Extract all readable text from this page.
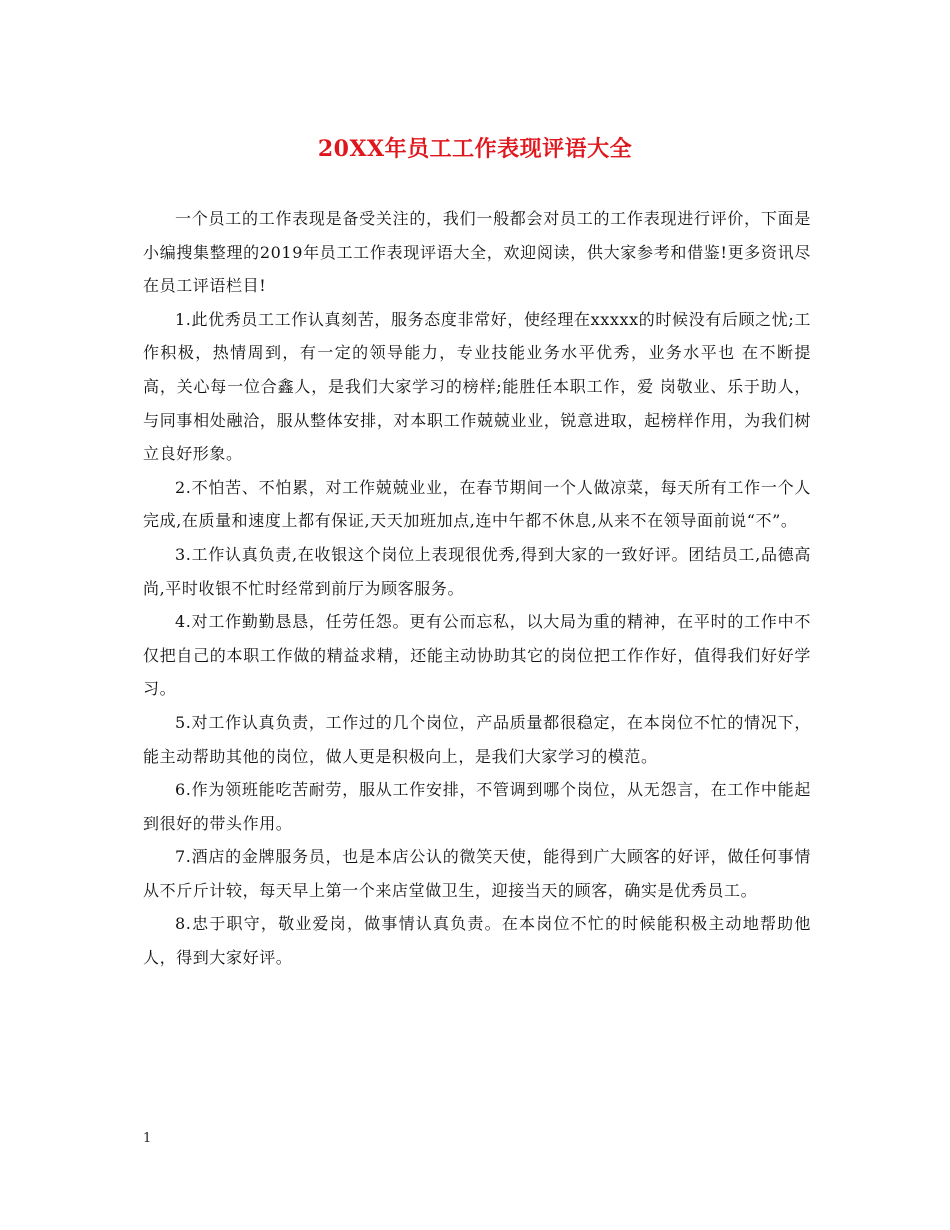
20XX年员工工作表现评语大全

一个员工的工作表现是备受关注的，我们一般都会对员工的工作表现进行评价，下面是小编搜集整理的2019年员工工作表现评语大全，欢迎阅读，供大家参考和借鉴!更多资讯尽在员工评语栏目!

1.此优秀员工工作认真刻苦，服务态度非常好，使经理在xxxxx的时候没有后顾之忧;工作积极，热情周到，有一定的领导能力，专业技能业务水平优秀，业务水平也 在不断提高，关心每一位合鑫人，是我们大家学习的榜样;能胜任本职工作，爱 岗敬业、乐于助人，与同事相处融洽，服从整体安排，对本职工作兢兢业业，锐意进取，起榜样作用，为我们树立良好形象。

2.不怕苦、不怕累，对工作兢兢业业，在春节期间一个人做凉菜，每天所有工作一个人完成,在质量和速度上都有保证,天天加班加点,连中午都不休息,从来不在领导面前说“不”。

3.工作认真负责,在收银这个岗位上表现很优秀,得到大家的一致好评。团结员工,品德高尚,平时收银不忙时经常到前厅为顾客服务。

4.对工作勤勤恳恳，任劳任怨。更有公而忘私，以大局为重的精神，在平时的工作中不仅把自己的本职工作做的精益求精，还能主动协助其它的岗位把工作作好，值得我们好好学习。

5.对工作认真负责，工作过的几个岗位，产品质量都很稳定，在本岗位不忙的情况下，能主动帮助其他的岗位，做人更是积极向上，是我们大家学习的模范。

6.作为领班能吃苦耐劳，服从工作安排，不管调到哪个岗位，从无怨言，在工作中能起到很好的带头作用。

7.酒店的金牌服务员，也是本店公认的微笑天使，能得到广大顾客的好评，做任何事情从不斤斤计较，每天早上第一个来店堂做卫生，迎接当天的顾客，确实是优秀员工。

8.忠于职守，敬业爱岗，做事情认真负责。在本岗位不忙的时候能积极主动地帮助他人，得到大家好评。

1
